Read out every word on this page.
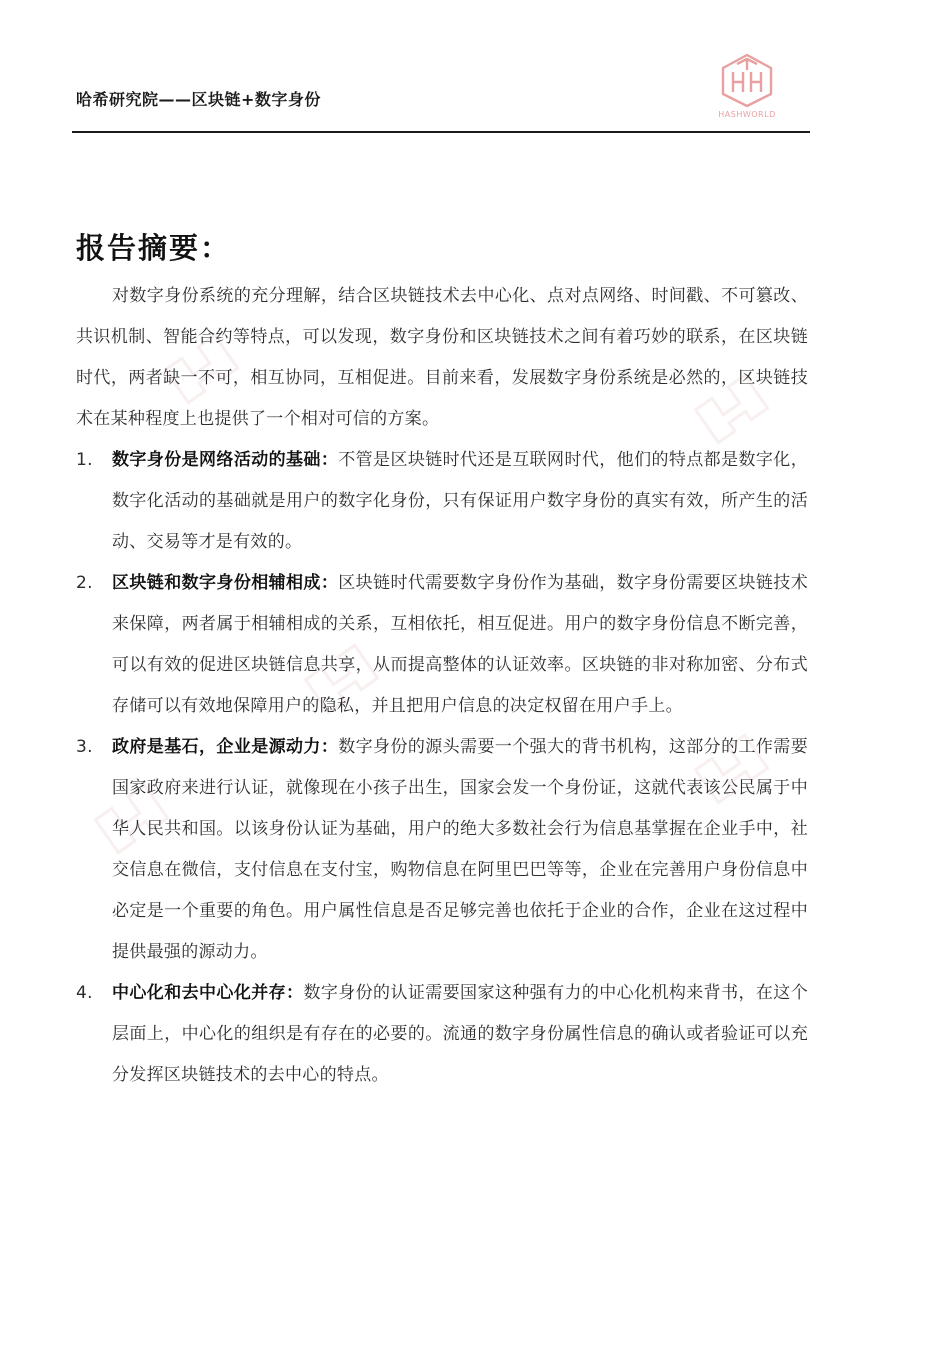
哈希研究院——区块链+数字身份
HASHWORLD
报告摘要：

对数字身份系统的充分理解，结合区块链技术去中心化、点对点网络、时间戳、不可篡改、共识机制、智能合约等特点，可以发现，数字身份和区块链技术之间有着巧妙的联系，在区块链时代，两者缺一不可，相互协同，互相促进。目前来看，发展数字身份系统是必然的，区块链技术在某种程度上也提供了一个相对可信的方案。

1. 数字身份是网络活动的基础：不管是区块链时代还是互联网时代，他们的特点都是数字化，数字化活动的基础就是用户的数字化身份，只有保证用户数字身份的真实有效，所产生的活动、交易等才是有效的。
2. 区块链和数字身份相辅相成：区块链时代需要数字身份作为基础，数字身份需要区块链技术来保障，两者属于相辅相成的关系，互相依托，相互促进。用户的数字身份信息不断完善，可以有效的促进区块链信息共享，从而提高整体的认证效率。区块链的非对称加密、分布式存储可以有效地保障用户的隐私，并且把用户信息的决定权留在用户手上。
3. 政府是基石，企业是源动力：数字身份的源头需要一个强大的背书机构，这部分的工作需要国家政府来进行认证，就像现在小孩子出生，国家会发一个身份证，这就代表该公民属于中华人民共和国。以该身份认证为基础，用户的绝大多数社会行为信息基掌握在企业手中，社交信息在微信，支付信息在支付宝，购物信息在阿里巴巴等等，企业在完善用户身份信息中必定是一个重要的角色。用户属性信息是否足够完善也依托于企业的合作，企业在这过程中提供最强的源动力。
4. 中心化和去中心化并存：数字身份的认证需要国家这种强有力的中心化机构来背书，在这个层面上，中心化的组织是有存在的必要的。流通的数字身份属性信息的确认或者验证可以充分发挥区块链技术的去中心的特点。
